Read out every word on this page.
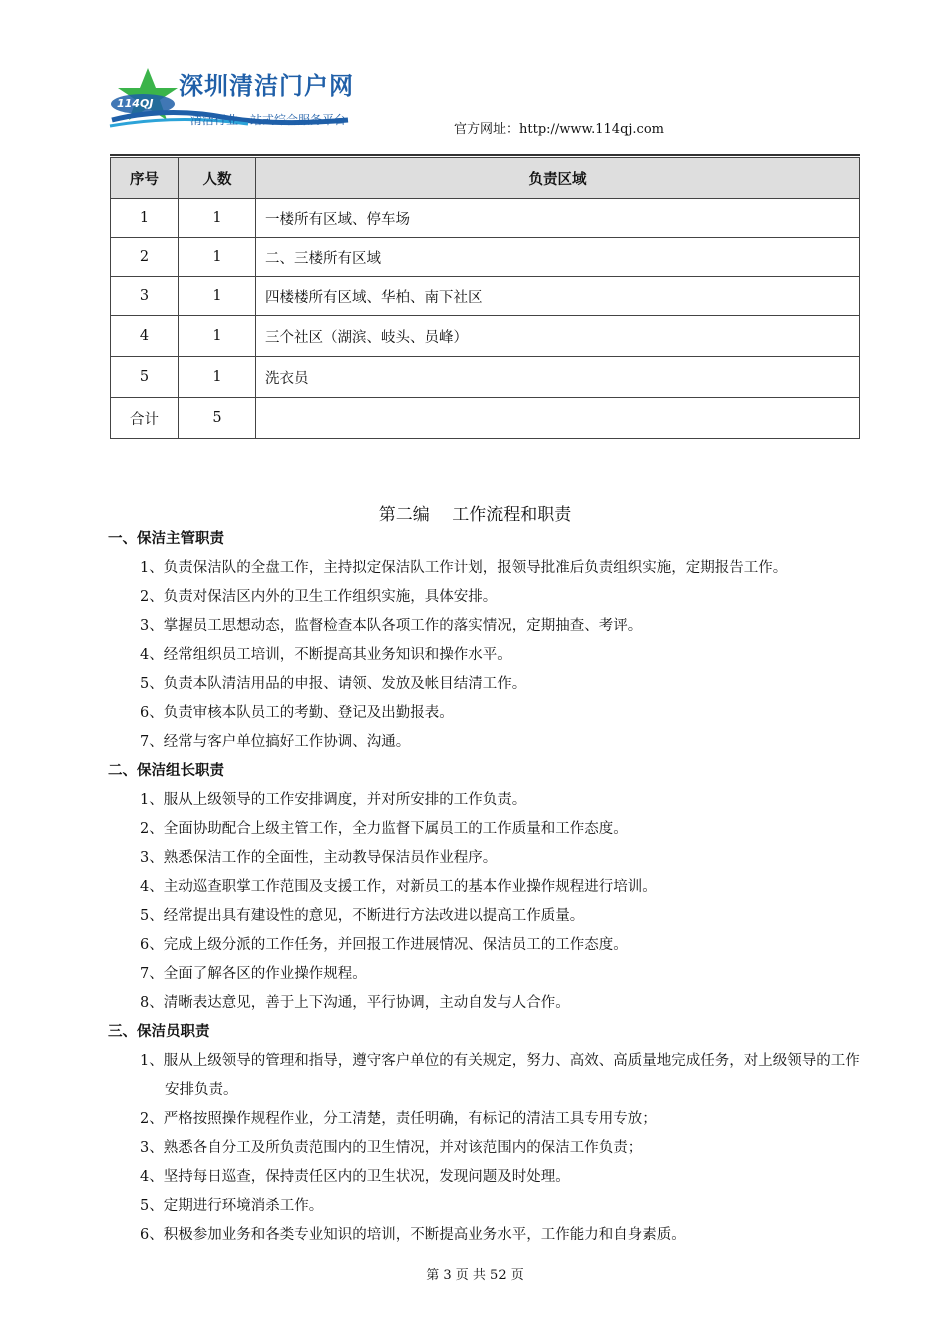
114QJ
深圳清洁门户网
清洁行业一站式综合服务平台
官方网址：http://www.114qj.com
序号	人数	负责区域
1	1	一楼所有区域、停车场
2	1	二、三楼所有区域
3	1	四楼楼所有区域、华柏、南下社区
4	1	三个社区（湖滨、岐头、员峰）
5	1	洗衣员
合计	5	
第二编　 工作流程和职责
一、保洁主管职责
1、负责保洁队的全盘工作，主持拟定保洁队工作计划，报领导批准后负责组织实施，定期报告工作。
2、负责对保洁区内外的卫生工作组织实施，具体安排。
3、掌握员工思想动态，监督检查本队各项工作的落实情况，定期抽查、考评。
4、经常组织员工培训，不断提高其业务知识和操作水平。
5、负责本队清洁用品的申报、请领、发放及帐目结清工作。
6、负责审核本队员工的考勤、登记及出勤报表。
7、经常与客户单位搞好工作协调、沟通。
二、保洁组长职责
1、服从上级领导的工作安排调度，并对所安排的工作负责。
2、全面协助配合上级主管工作，全力监督下属员工的工作质量和工作态度。
3、熟悉保洁工作的全面性，主动教导保洁员作业程序。
4、主动巡查职掌工作范围及支援工作，对新员工的基本作业操作规程进行培训。
5、经常提出具有建设性的意见，不断进行方法改进以提高工作质量。
6、完成上级分派的工作任务，并回报工作进展情况、保洁员工的工作态度。
7、全面了解各区的作业操作规程。
8、清晰表达意见，善于上下沟通，平行协调，主动自发与人合作。
三、保洁员职责
1、服从上级领导的管理和指导，遵守客户单位的有关规定，努力、高效、高质量地完成任务，对上级领导的工作安排负责。
2、严格按照操作规程作业，分工清楚，责任明确，有标记的清洁工具专用专放；
3、熟悉各自分工及所负责范围内的卫生情况，并对该范围内的保洁工作负责；
4、坚持每日巡查，保持责任区内的卫生状况，发现问题及时处理。
5、定期进行环境消杀工作。
6、积极参加业务和各类专业知识的培训，不断提高业务水平，工作能力和自身素质。
第 3 页 共 52 页
